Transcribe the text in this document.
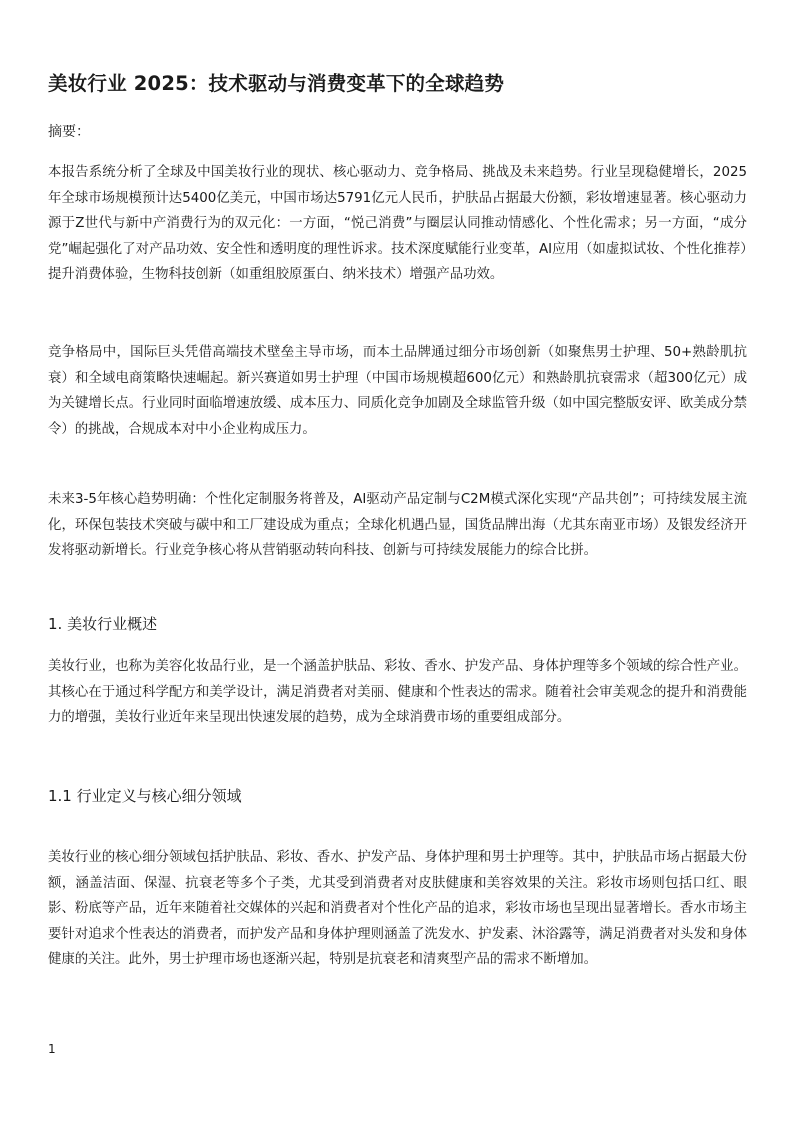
美妆行业 2025：技术驱动与消费变革下的全球趋势
摘要：

本报告系统分析了全球及中国美妆行业的现状、核心驱动力、竞争格局、挑战及未来趋势。行业呈现稳健增长，2025年全球市场规模预计达5400亿美元，中国市场达5791亿元人民币，护肤品占据最大份额，彩妆增速显著。核心驱动力源于Z世代与新中产消费行为的双元化：一方面，“悦己消费”与圈层认同推动情感化、个性化需求；另一方面，“成分党”崛起强化了对产品功效、安全性和透明度的理性诉求。技术深度赋能行业变革，AI应用（如虚拟试妆、个性化推荐）提升消费体验，生物科技创新（如重组胶原蛋白、纳米技术）增强产品功效。

竞争格局中，国际巨头凭借高端技术壁垒主导市场，而本土品牌通过细分市场创新（如聚焦男士护理、50+熟龄肌抗衰）和全域电商策略快速崛起。新兴赛道如男士护理（中国市场规模超600亿元）和熟龄肌抗衰需求（超300亿元）成为关键增长点。行业同时面临增速放缓、成本压力、同质化竞争加剧及全球监管升级（如中国完整版安评、欧美成分禁令）的挑战，合规成本对中小企业构成压力。

未来3-5年核心趋势明确：个性化定制服务将普及，AI驱动产品定制与C2M模式深化实现“产品共创”；可持续发展主流化，环保包装技术突破与碳中和工厂建设成为重点；全球化机遇凸显，国货品牌出海（尤其东南亚市场）及银发经济开发将驱动新增长。行业竞争核心将从营销驱动转向科技、创新与可持续发展能力的综合比拼。

1. 美妆行业概述

美妆行业，也称为美容化妆品行业，是一个涵盖护肤品、彩妆、香水、护发产品、身体护理等多个领域的综合性产业。其核心在于通过科学配方和美学设计，满足消费者对美丽、健康和个性表达的需求。随着社会审美观念的提升和消费能力的增强，美妆行业近年来呈现出快速发展的趋势，成为全球消费市场的重要组成部分。

1.1 行业定义与核心细分领域

美妆行业的核心细分领域包括护肤品、彩妆、香水、护发产品、身体护理和男士护理等。其中，护肤品市场占据最大份额，涵盖洁面、保湿、抗衰老等多个子类，尤其受到消费者对皮肤健康和美容效果的关注。彩妆市场则包括口红、眼影、粉底等产品，近年来随着社交媒体的兴起和消费者对个性化产品的追求，彩妆市场也呈现出显著增长。香水市场主要针对追求个性表达的消费者，而护发产品和身体护理则涵盖了洗发水、护发素、沐浴露等，满足消费者对头发和身体健康的关注。此外，男士护理市场也逐渐兴起，特别是抗衰老和清爽型产品的需求不断增加。

1
